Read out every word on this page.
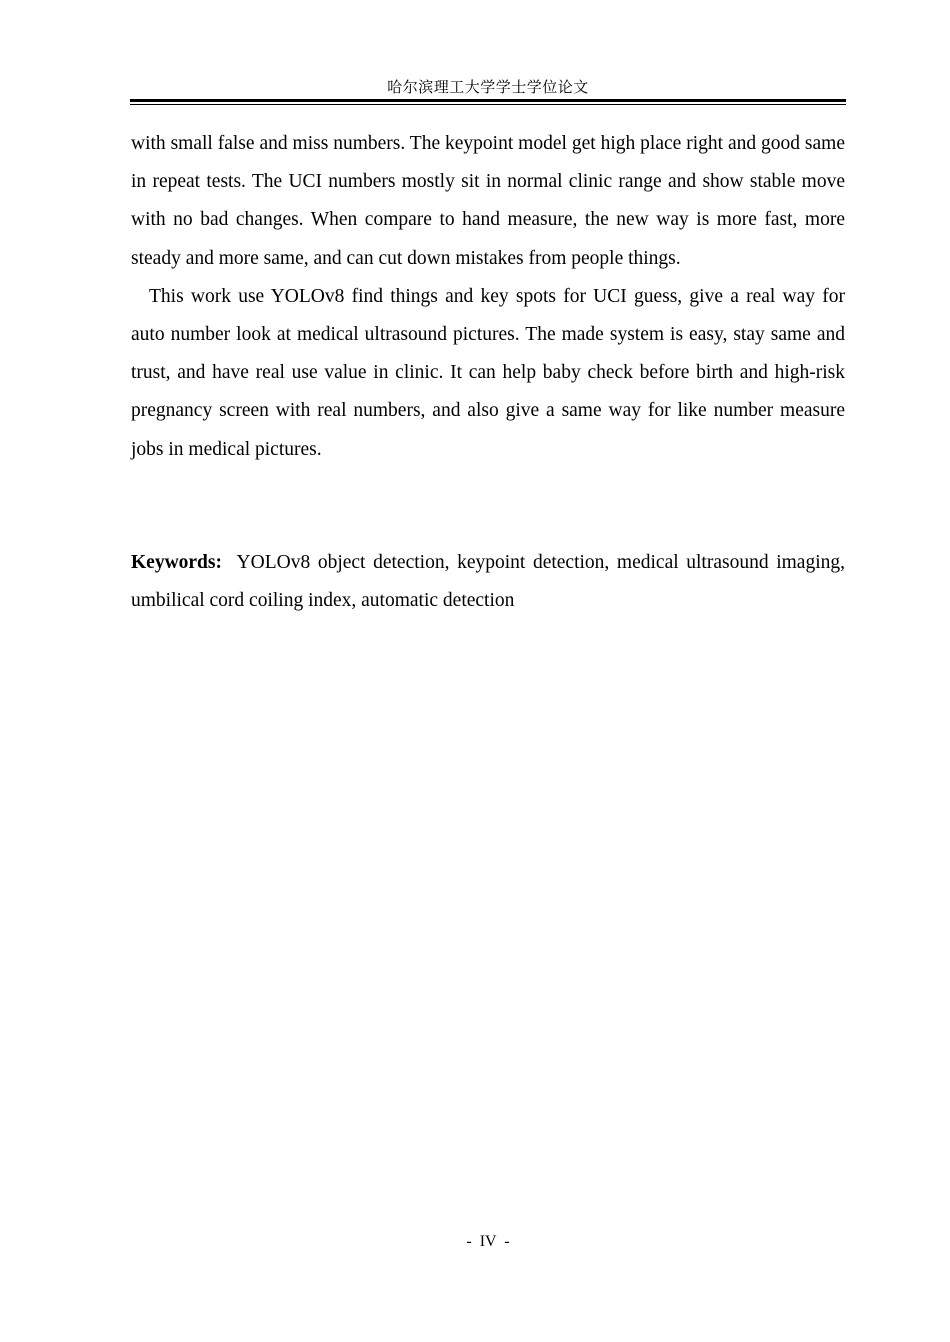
哈尔滨理工大学学士学位论文

with small false and miss numbers. The keypoint model get high place right and good same in repeat tests. The UCI numbers mostly sit in normal clinic range and show stable move with no bad changes. When compare to hand measure, the new way is more fast, more steady and more same, and can cut down mistakes from people things.

This work use YOLOv8 find things and key spots for UCI guess, give a real way for auto number look at medical ultrasound pictures. The made system is easy, stay same and trust, and have real use value in clinic. It can help baby check before birth and high-risk pregnancy screen with real numbers, and also give a same way for like number measure jobs in medical pictures.

Keywords: YOLOv8 object detection, keypoint detection, medical ultrasound imaging, umbilical cord coiling index, automatic detection

- IV -
